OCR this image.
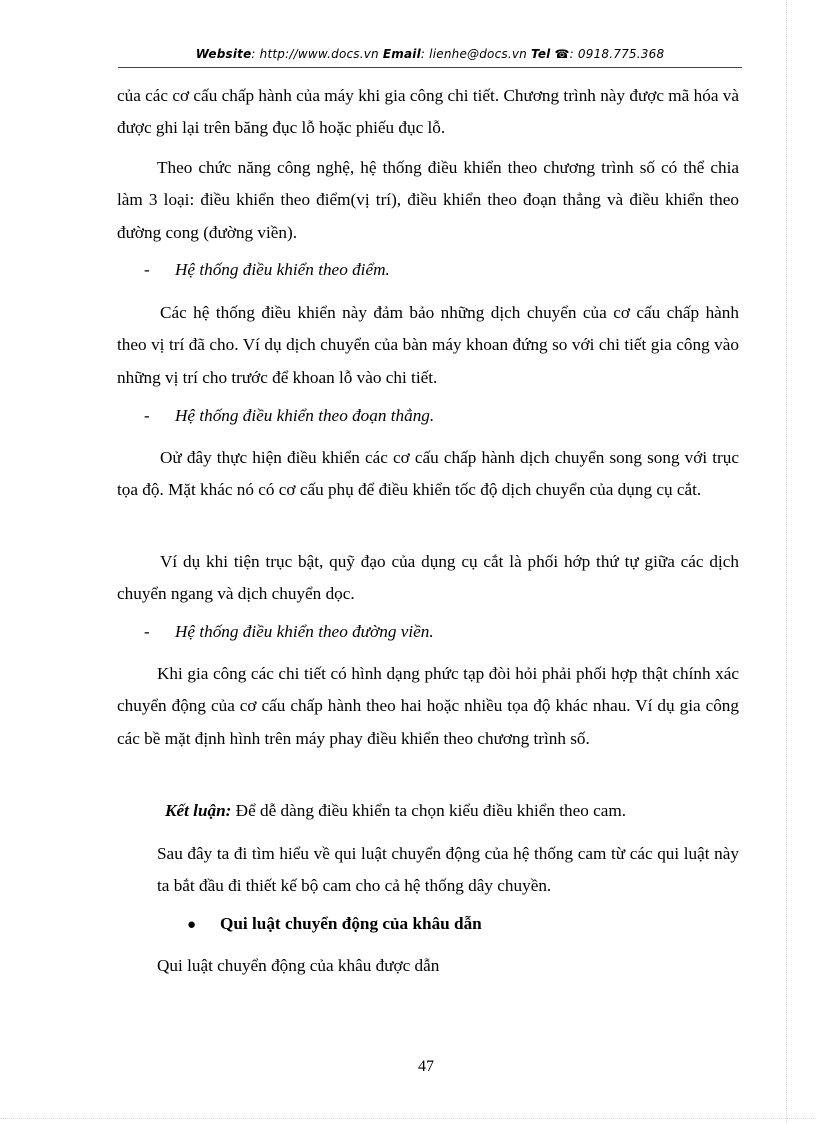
Website: http://www.docs.vn Email: lienhe@docs.vn Tel ☎: 0918.775.368

của các cơ cấu chấp hành của máy khi gia công chi tiết. Chương trình này được mã hóa và được ghi lại trên băng đục lỗ hoặc phiếu đục lỗ.

Theo chức năng công nghệ, hệ thống điều khiển theo chương trình số có thể chia làm 3 loại: điều khiển theo điểm(vị trí), điều khiển theo đoạn thẳng và điều khiển theo đường cong (đường viền).

- Hệ thống điều khiển theo điểm.

Các hệ thống điều khiển này đảm bảo những dịch chuyển của cơ cấu chấp hành theo vị trí đã cho. Ví dụ dịch chuyển của bàn máy khoan đứng so với chi tiết gia công vào những vị trí cho trước để khoan lỗ vào chi tiết.

- Hệ thống điều khiển theo đoạn thẳng.

Oử đây thực hiện điều khiển các cơ cấu chấp hành dịch chuyển song song với trục tọa độ. Mặt khác nó có cơ cấu phụ để điều khiển tốc độ dịch chuyển của dụng cụ cắt.

Ví dụ khi tiện trục bật, quỹ đạo của dụng cụ cắt là phối hớp thứ tự giữa các dịch chuyển ngang và dịch chuyển dọc.

- Hệ thống điều khiển theo đường viền.

Khi gia công các chi tiết có hình dạng phức tạp đòi hỏi phải phối hợp thật chính xác chuyển động của cơ cấu chấp hành theo hai hoặc nhiều tọa độ khác nhau. Ví dụ gia công các bề mặt định hình trên máy phay điều khiển theo chương trình số.

Kết luận: Để dễ dàng điều khiển ta chọn kiểu điều khiển theo cam.

Sau đây ta đi tìm hiểu về qui luật chuyển động của hệ thống cam từ các qui luật này ta bắt đầu đi thiết kế bộ cam cho cả hệ thống dây chuyền.

● Qui luật chuyển động của khâu dẫn
Qui luật chuyển động của khâu được dẫn
47
